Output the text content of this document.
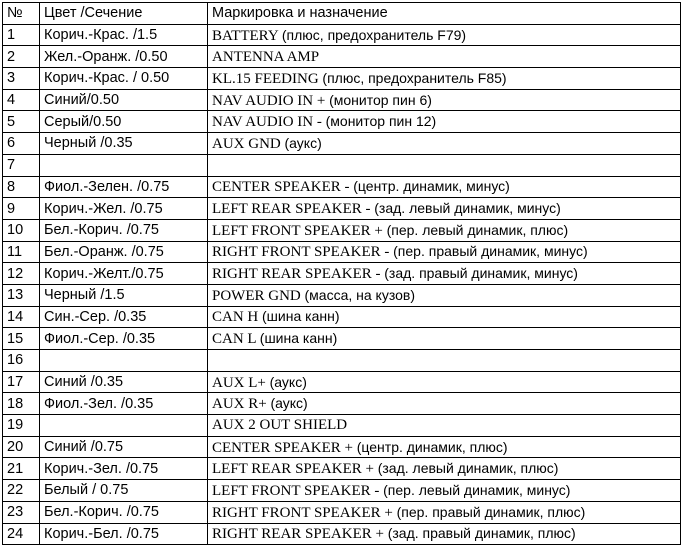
№	Цвет /Сечение	Маркировка и назначение
1	Корич.-Крас. /1.5	BATTERY (плюс, предохранитель F79)
2	Жел.-Оранж. /0.50	ANTENNA AMP
3	Корич.-Крас. / 0.50	KL.15 FEEDING (плюс, предохранитель F85)
4	Синий/0.50	NAV AUDIO IN + (монитор пин 6)
5	Серый/0.50	NAV AUDIO IN - (монитор пин 12)
6	Черный /0.35	AUX GND (аукс)
7		
8	Фиол.-Зелен. /0.75	CENTER SPEAKER - (центр. динамик, минус)
9	Корич.-Жел. /0.75	LEFT REAR SPEAKER - (зад. левый динамик, минус)
10	Бел.-Корич. /0.75	LEFT FRONT SPEAKER + (пер. левый динамик, плюс)
11	Бел.-Оранж. /0.75	RIGHT FRONT SPEAKER - (пер. правый динамик, минус)
12	Корич.-Желт./0.75	RIGHT REAR SPEAKER - (зад. правый динамик, минус)
13	Черный /1.5	POWER GND (масса, на кузов)
14	Син.-Сер. /0.35	CAN H (шина канн)
15	Фиол.-Сер. /0.35	CAN L (шина канн)
16		
17	Синий /0.35	AUX L+ (аукс)
18	Фиол.-Зел. /0.35	AUX R+ (аукс)
19		AUX 2 OUT SHIELD
20	Синий /0.75	CENTER SPEAKER + (центр. динамик, плюс)
21	Корич.-Зел. /0.75	LEFT REAR SPEAKER + (зад. левый динамик, плюс)
22	Белый / 0.75	LEFT FRONT SPEAKER - (пер. левый динамик, минус)
23	Бел.-Корич. /0.75	RIGHT FRONT SPEAKER + (пер. правый динамик, плюс)
24	Корич.-Бел. /0.75	RIGHT REAR SPEAKER + (зад. правый динамик, плюс)
